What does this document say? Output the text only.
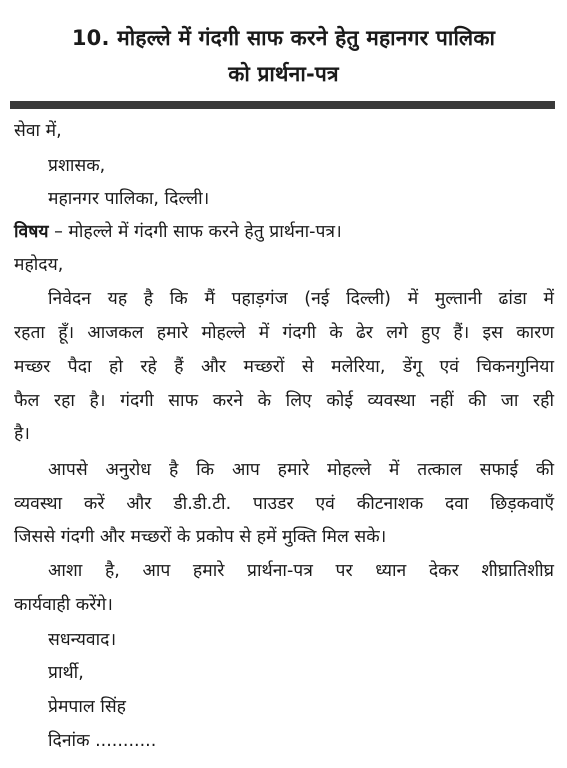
10. मोहल्ले में गंदगी साफ करने हेतु महानगर पालिका
को प्रार्थना-पत्र
सेवा में,
प्रशासक,
महानगर पालिका, दिल्ली।
विषय – मोहल्ले में गंदगी साफ करने हेतु प्रार्थना-पत्र।
महोदय,
निवेदन यह है कि मैं पहाड़गंज (नई दिल्ली) में मुल्तानी ढांडा में
रहता हूँ। आजकल हमारे मोहल्ले में गंदगी के ढेर लगे हुए हैं। इस कारण
मच्छर पैदा हो रहे हैं और मच्छरों से मलेरिया, डेंगू एवं चिकनगुनिया
फैल रहा है। गंदगी साफ करने के लिए कोई व्यवस्था नहीं की जा रही
है।
आपसे अनुरोध है कि आप हमारे मोहल्ले में तत्काल सफाई की
व्यवस्था करें और डी.डी.टी. पाउडर एवं कीटनाशक दवा छिड़कवाएँ
जिससे गंदगी और मच्छरों के प्रकोप से हमें मुक्ति मिल सके।
आशा है, आप हमारे प्रार्थना-पत्र पर ध्यान देकर शीघ्रातिशीघ्र
कार्यवाही करेंगे।
सधन्यवाद।
प्रार्थी,
प्रेमपाल सिंह
दिनांक ...........
